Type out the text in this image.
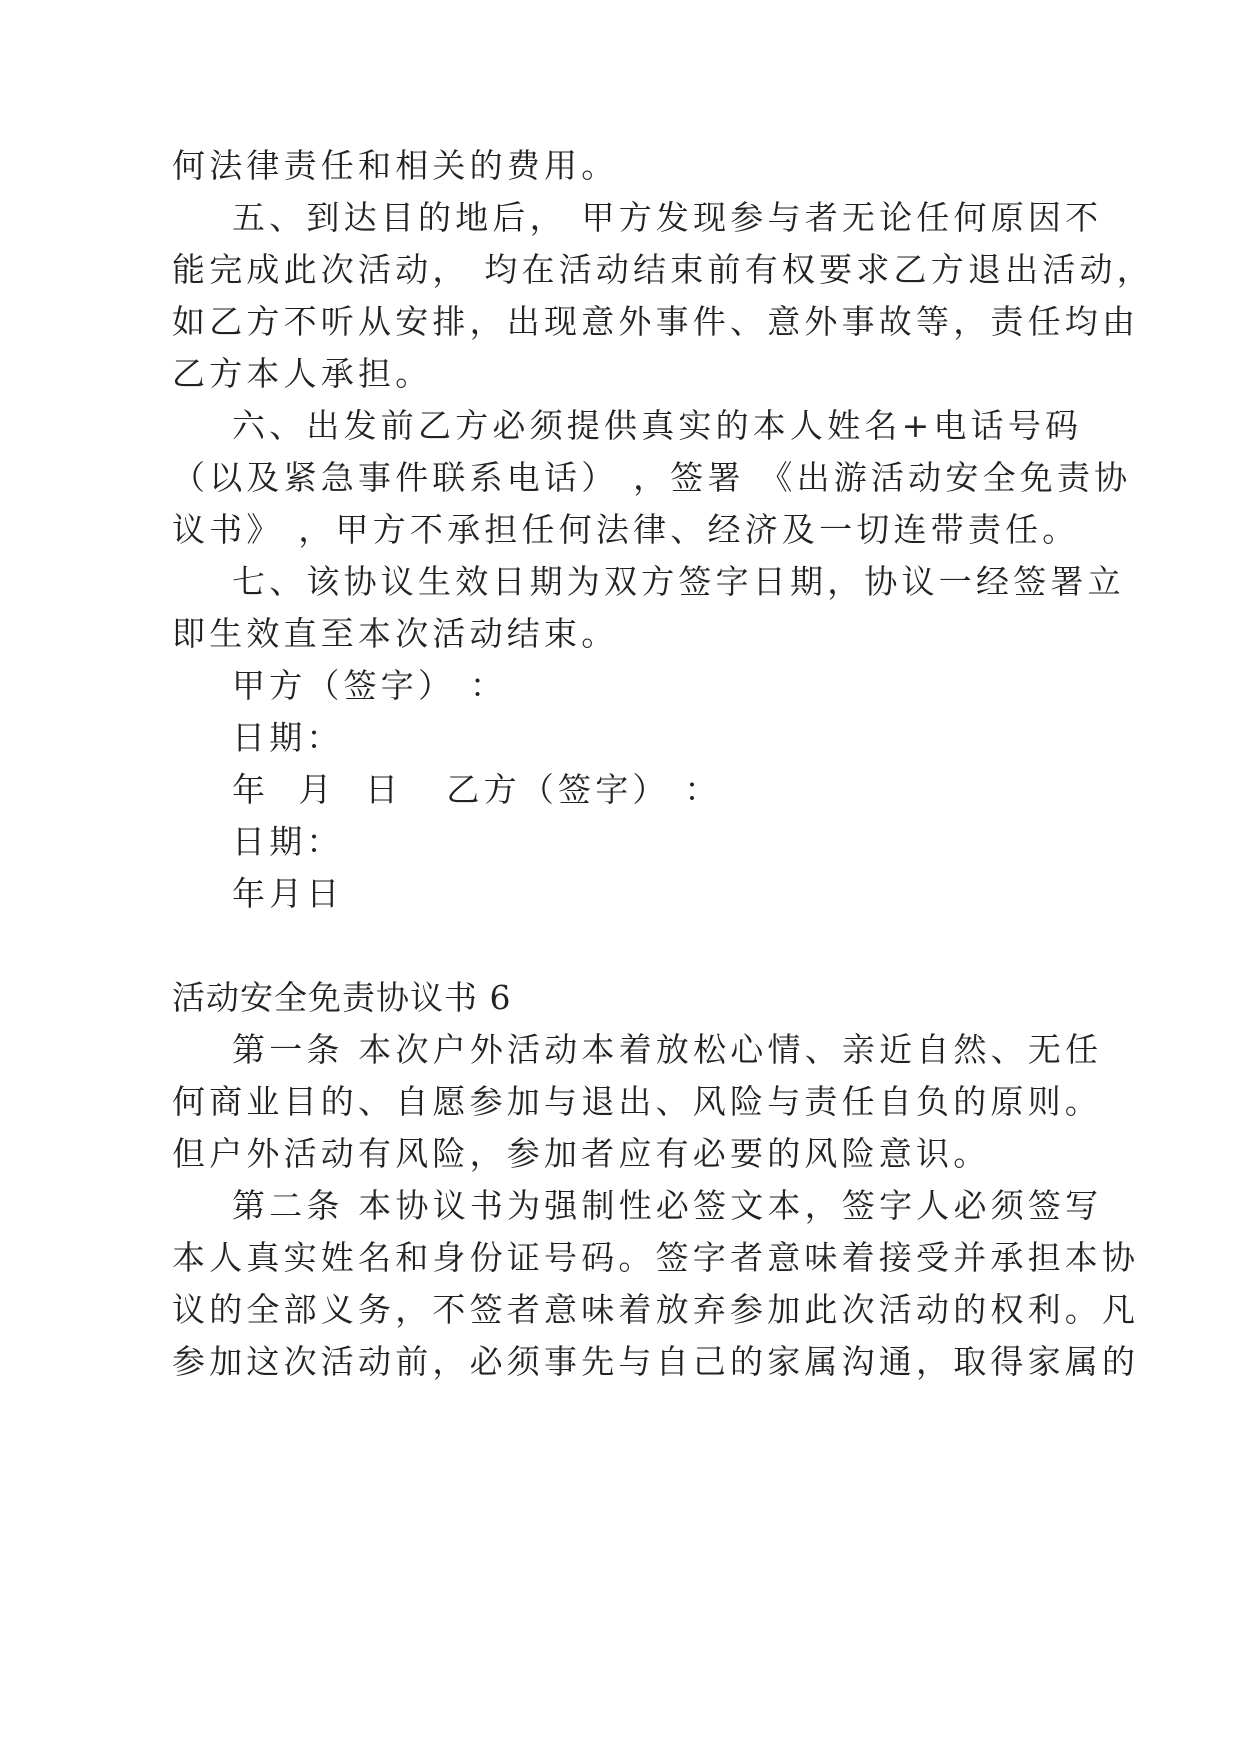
何法律责任和相关的费用。
五、到达目的地后， 甲方发现参与者无论任何原因不
能完成此次活动， 均在活动结束前有权要求乙方退出活动，
如乙方不听从安排，出现意外事件、意外事故等，责任均由
乙方本人承担。
六、出发前乙方必须提供真实的本人姓名+电话号码
（以及紧急事件联系电话） ，签署 《出游活动安全免责协
议书》 ，甲方不承担任何法律、经济及一切连带责任。
七、该协议生效日期为双方签字日期，协议一经签署立
即生效直至本次活动结束。
甲方（签字） ：
日期：
年  月  日   乙方（签字） ：
日期：
年月日
活动安全免责协议书 6
第一条 本次户外活动本着放松心情、亲近自然、无任
何商业目的、自愿参加与退出、风险与责任自负的原则。
但户外活动有风险，参加者应有必要的风险意识。
第二条 本协议书为强制性必签文本，签字人必须签写
本人真实姓名和身份证号码。签字者意味着接受并承担本协
议的全部义务，不签者意味着放弃参加此次活动的权利。凡
参加这次活动前，必须事先与自己的家属沟通，取得家属的
